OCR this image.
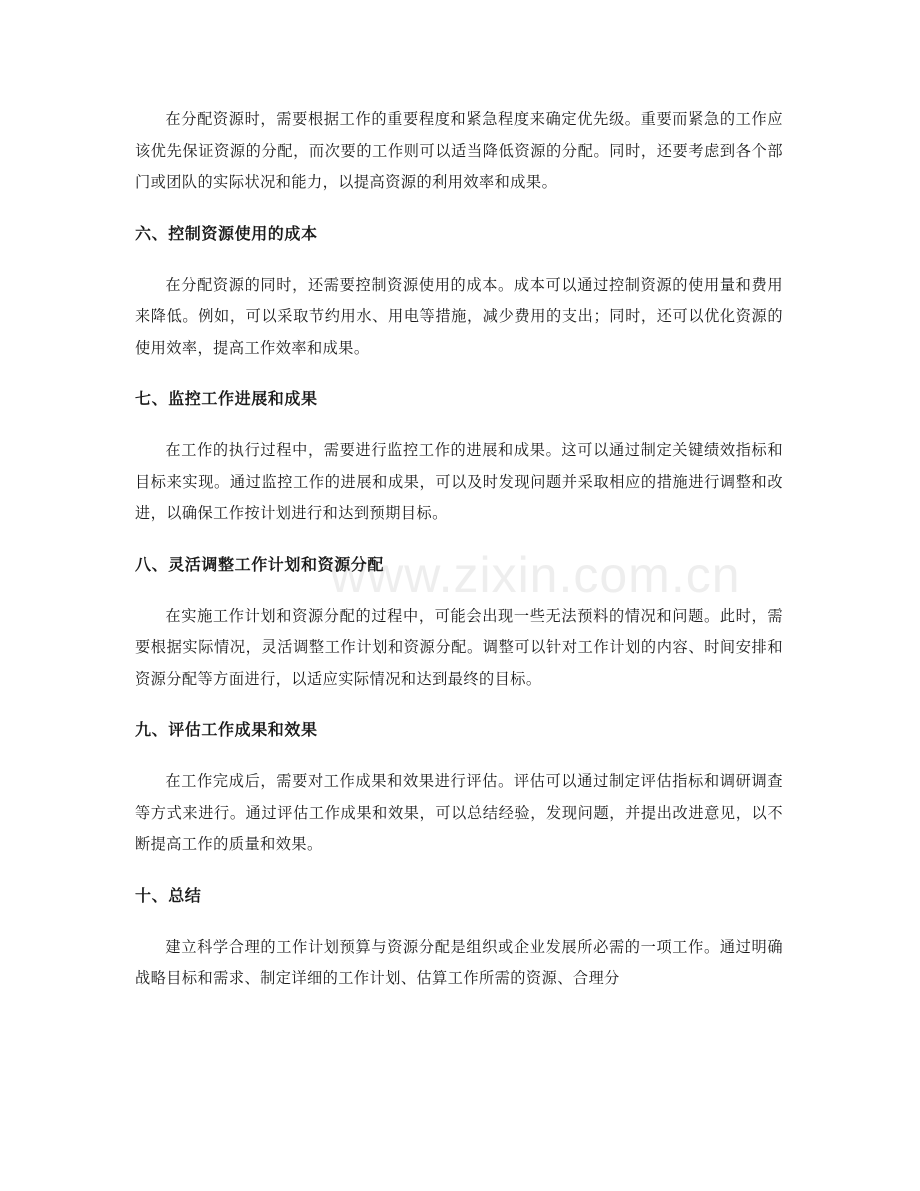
在分配资源时，需要根据工作的重要程度和紧急程度来确定优先级。重要而紧急的工作应该优先保证资源的分配，而次要的工作则可以适当降低资源的分配。同时，还要考虑到各个部门或团队的实际状况和能力，以提高资源的利用效率和成果。

六、控制资源使用的成本

在分配资源的同时，还需要控制资源使用的成本。成本可以通过控制资源的使用量和费用来降低。例如，可以采取节约用水、用电等措施，减少费用的支出；同时，还可以优化资源的使用效率，提高工作效率和成果。

七、监控工作进展和成果

在工作的执行过程中，需要进行监控工作的进展和成果。这可以通过制定关键绩效指标和目标来实现。通过监控工作的进展和成果，可以及时发现问题并采取相应的措施进行调整和改进，以确保工作按计划进行和达到预期目标。

八、灵活调整工作计划和资源分配

在实施工作计划和资源分配的过程中，可能会出现一些无法预料的情况和问题。此时，需要根据实际情况，灵活调整工作计划和资源分配。调整可以针对工作计划的内容、时间安排和资源分配等方面进行，以适应实际情况和达到最终的目标。

九、评估工作成果和效果

在工作完成后，需要对工作成果和效果进行评估。评估可以通过制定评估指标和调研调查等方式来进行。通过评估工作成果和效果，可以总结经验，发现问题，并提出改进意见，以不断提高工作的质量和效果。

十、总结

建立科学合理的工作计划预算与资源分配是组织或企业发展所必需的一项工作。通过明确战略目标和需求、制定详细的工作计划、估算工作所需的资源、合理分

www.zixin.com.cn
